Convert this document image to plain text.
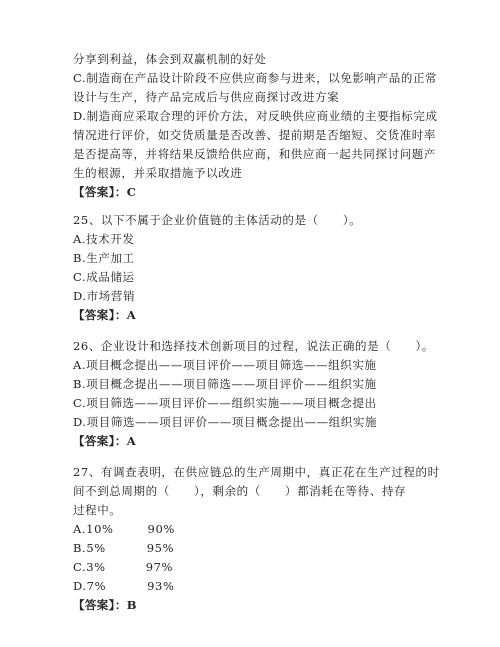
分享到利益，体会到双赢机制的好处
C.制造商在产品设计阶段不应供应商参与进来，以免影响产品的正常
设计与生产，待产品完成后与供应商探讨改进方案
D.制造商应采取合理的评价方法，对反映供应商业绩的主要指标完成
情况进行评价，如交货质量是否改善、提前期是否缩短、交货准时率
是否提高等，并将结果反馈给供应商，和供应商一起共同探讨问题产
生的根源，并采取措施予以改进
【答案】：C
25、以下不属于企业价值链的主体活动的是（　　）。
A.技术开发
B.生产加工
C.成品储运
D.市场营销
【答案】：A
26、企业设计和选择技术创新项目的过程，说法正确的是（　　）。
A.项目概念提出——项目评价——项目筛选——组织实施
B.项目概念提出——项目筛选——项目评价——组织实施
C.项目筛选——项目评价——组织实施——项目概念提出
D.项目筛选——项目评价——项目概念提出——组织实施
【答案】：A
27、有调查表明，在供应链总的生产周期中，真正花在生产过程的时
间不到总周期的（　　），剩余的（　　）都消耗在等待、持存
过程中。
A.10%	90%
B.5%	95%
C.3%	97%
D.7%	93%
【答案】：B
